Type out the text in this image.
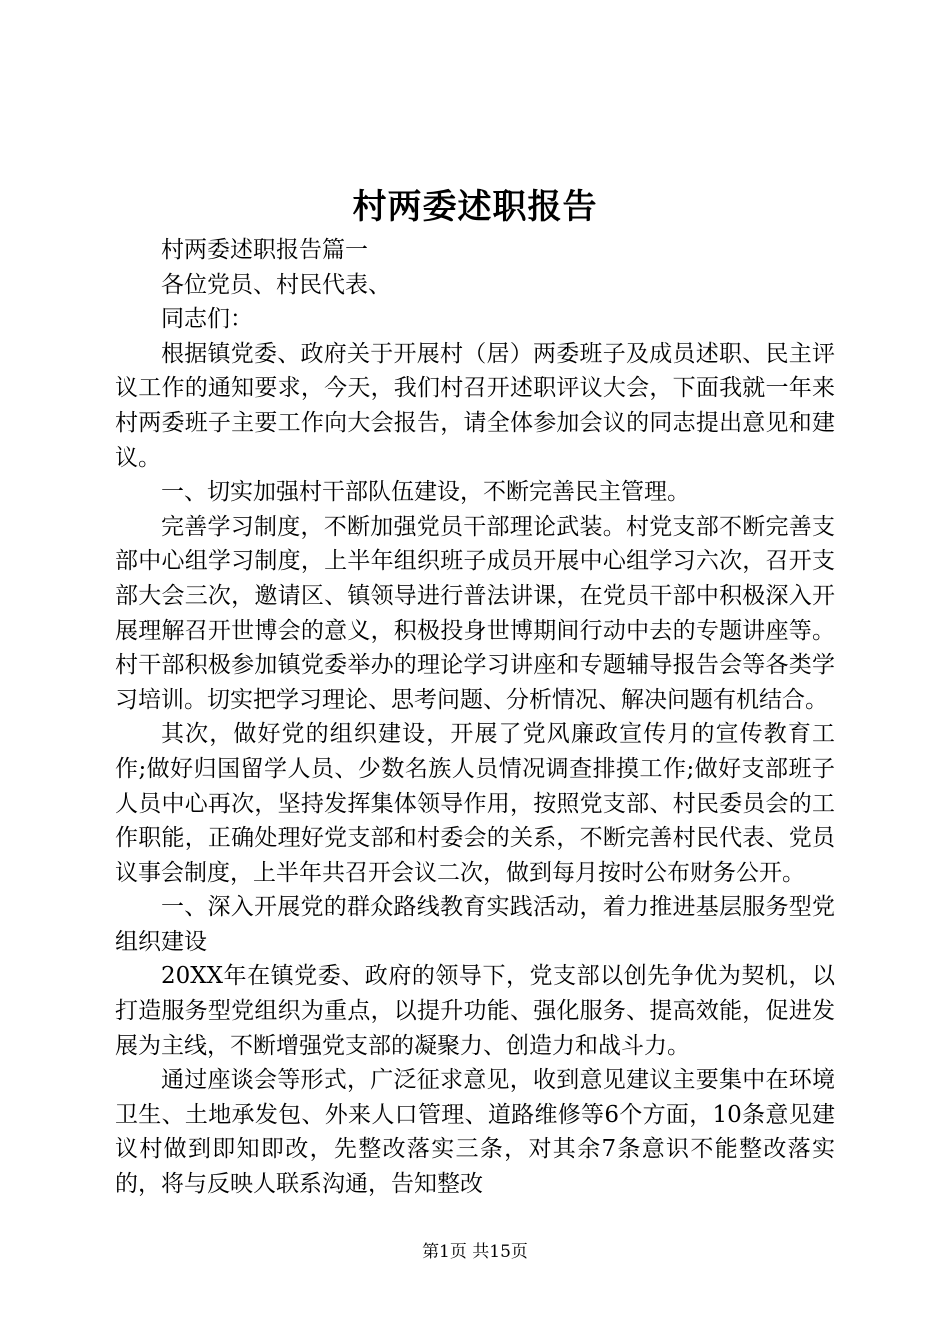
村两委述职报告

村两委述职报告篇一

各位党员、村民代表、

同志们：

根据镇党委、政府关于开展村（居）两委班子及成员述职、民主评议工作的通知要求，今天，我们村召开述职评议大会，下面我就一年来村两委班子主要工作向大会报告，请全体参加会议的同志提出意见和建议。

一、切实加强村干部队伍建设，不断完善民主管理。

完善学习制度，不断加强党员干部理论武装。村党支部不断完善支部中心组学习制度，上半年组织班子成员开展中心组学习六次，召开支部大会三次，邀请区、镇领导进行普法讲课，在党员干部中积极深入开展理解召开世博会的意义，积极投身世博期间行动中去的专题讲座等。村干部积极参加镇党委举办的理论学习讲座和专题辅导报告会等各类学习培训。切实把学习理论、思考问题、分析情况、解决问题有机结合。

其次，做好党的组织建设，开展了党风廉政宣传月的宣传教育工作;做好归国留学人员、少数名族人员情况调查排摸工作;做好支部班子人员中心再次，坚持发挥集体领导作用，按照党支部、村民委员会的工作职能，正确处理好党支部和村委会的关系，不断完善村民代表、党员议事会制度，上半年共召开会议二次，做到每月按时公布财务公开。

一、深入开展党的群众路线教育实践活动，着力推进基层服务型党组织建设

20XX年在镇党委、政府的领导下，党支部以创先争优为契机，以打造服务型党组织为重点，以提升功能、强化服务、提高效能，促进发展为主线，不断增强党支部的凝聚力、创造力和战斗力。

通过座谈会等形式，广泛征求意见，收到意见建议主要集中在环境卫生、土地承发包、外来人口管理、道路维修等6个方面，10条意见建议村做到即知即改，先整改落实三条，对其余7条意识不能整改落实的，将与反映人联系沟通，告知整改

第1页 共15页
